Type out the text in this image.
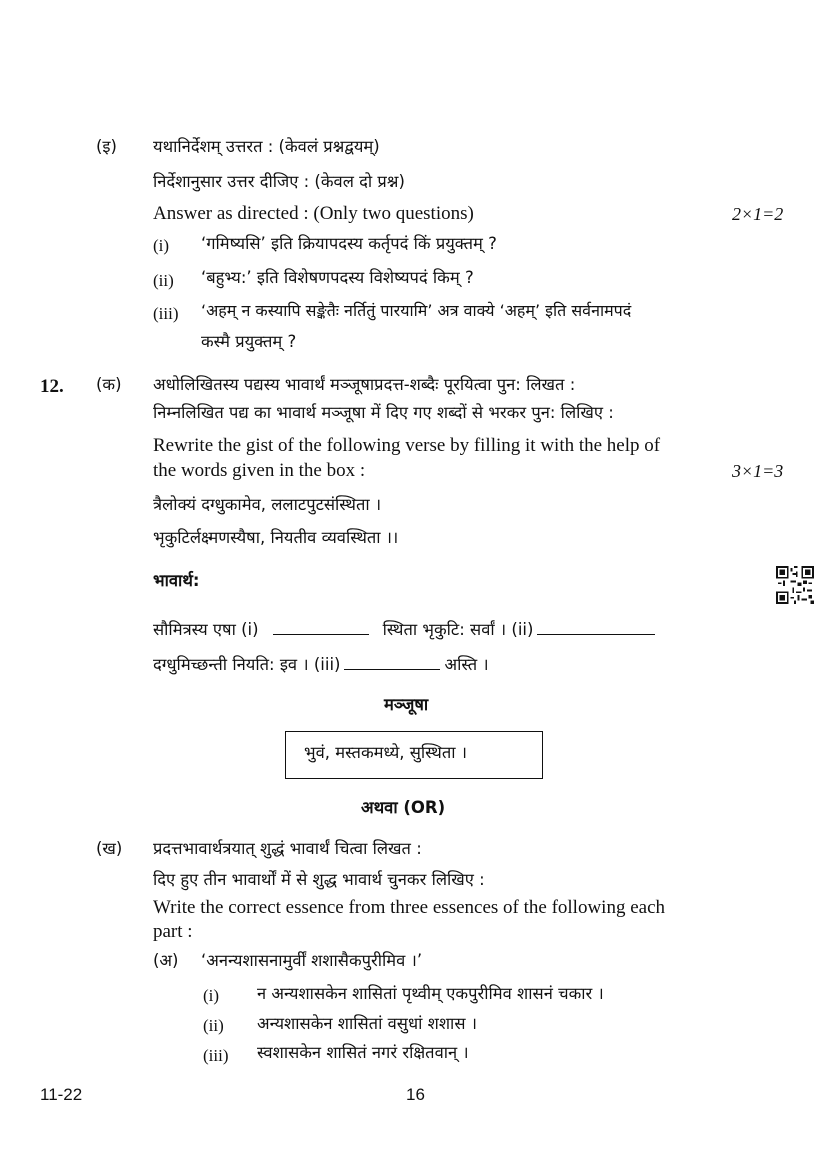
(इ) यथानिर्देशम् उत्तरत : (केवलं प्रश्नद्वयम्)
निर्देशानुसार उत्तर दीजिए : (केवल दो प्रश्न)
Answer as directed : (Only two questions)	2×1=2
(i) ‘गमिष्यसि’ इति क्रियापदस्य कर्तृपदं किं प्रयुक्तम् ?
(ii) ‘बहुभ्य:’ इति विशेषणपदस्य विशेष्यपदं किम् ?
(iii) ‘अहम् न कस्यापि सङ्केतैः नर्तितुं पारयामि’ अत्र वाक्ये ‘अहम्’ इति सर्वनामपदं
कस्मै प्रयुक्तम् ?
12. (क) अधोलिखितस्य पद्यस्य भावार्थं मञ्जूषाप्रदत्त-शब्दैः पूरयित्वा पुन: लिखत :
निम्नलिखित पद्य का भावार्थ मञ्जूषा में दिए गए शब्दों से भरकर पुन: लिखिए :
Rewrite the gist of the following verse by filling it with the help of
the words given in the box :	3×1=3
त्रैलोक्यं दग्धुकामेव, ललाटपुटसंस्थिता ।
भृकुटिर्लक्ष्मणस्यैषा, नियतीव व्यवस्थिता ।।
भावार्थ:
सौमित्रस्य एषा (i)	स्थिता भृकुटि: सर्वां । (ii)
दग्धुमिच्छन्ती नियति: इव । (iii)	अस्ति ।
मञ्जूषा
भुवं, मस्तकमध्ये, सुस्थिता ।
अथवा (OR)
(ख) प्रदत्तभावार्थत्रयात् शुद्धं भावार्थं चित्वा लिखत :
दिए हुए तीन भावार्थों में से शुद्ध भावार्थ चुनकर लिखिए :
Write the correct essence from three essences of the following each
part :
(अ) ‘अनन्यशासनामुर्वीं शशासैकपुरीमिव ।’
(i) न अन्यशासकेन शासितां पृथ्वीम् एकपुरीमिव शासनं चकार ।
(ii) अन्यशासकेन शासितां वसुधां शशास ।
(iii) स्वशासकेन शासितं नगरं रक्षितवान् ।
11-22	16
